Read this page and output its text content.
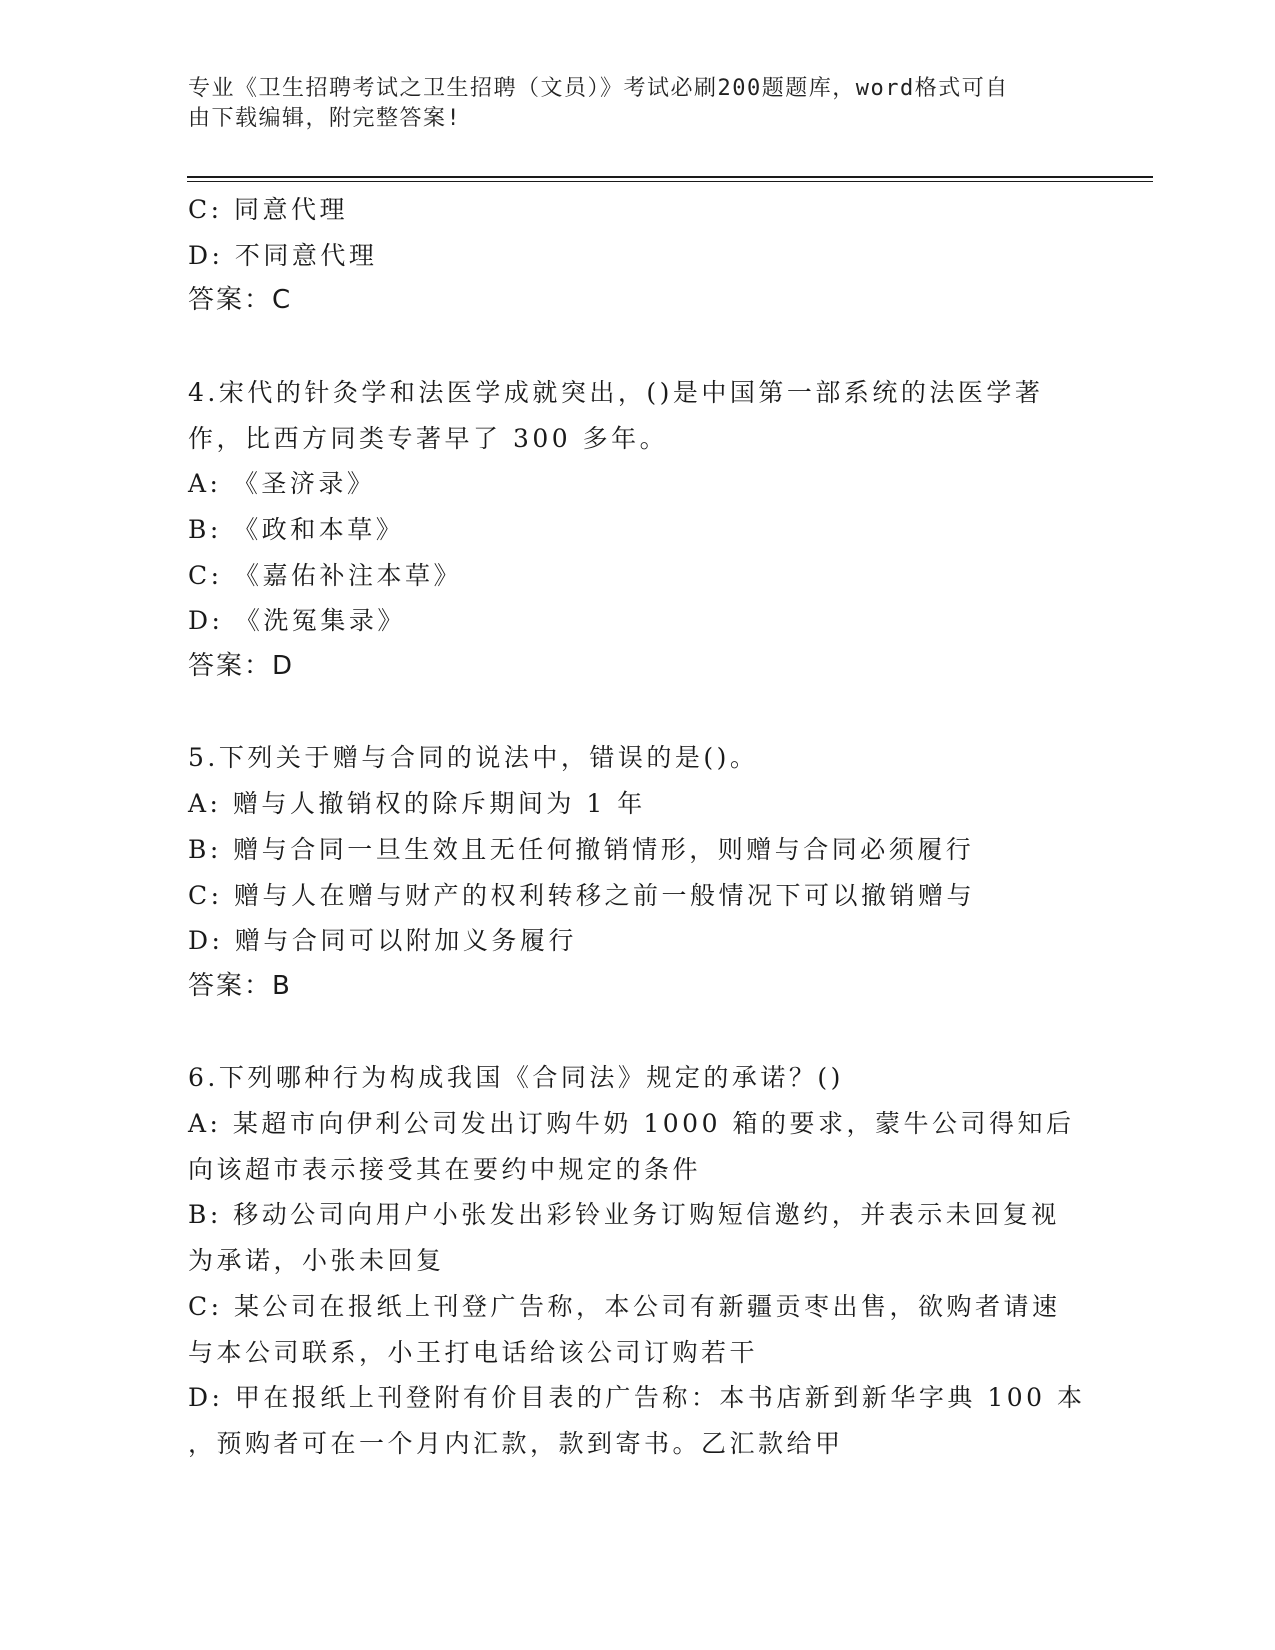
专业《卫生招聘考试之卫生招聘（文员）》考试必刷200题题库，word格式可自
由下载编辑，附完整答案!
C: 同意代理
D: 不同意代理
答案：C
4.宋代的针灸学和法医学成就突出，()是中国第一部系统的法医学著
作，比西方同类专著早了 300 多年。
A: 《圣济录》
B: 《政和本草》
C: 《嘉佑补注本草》
D: 《洗冤集录》
答案：D
5.下列关于赠与合同的说法中，错误的是()。
A: 赠与人撤销权的除斥期间为 1 年
B: 赠与合同一旦生效且无任何撤销情形，则赠与合同必须履行
C: 赠与人在赠与财产的权利转移之前一般情况下可以撤销赠与
D: 赠与合同可以附加义务履行
答案：B
6.下列哪种行为构成我国《合同法》规定的承诺？()
A: 某超市向伊利公司发出订购牛奶 1000 箱的要求，蒙牛公司得知后
向该超市表示接受其在要约中规定的条件
B: 移动公司向用户小张发出彩铃业务订购短信邀约，并表示未回复视
为承诺，小张未回复
C: 某公司在报纸上刊登广告称，本公司有新疆贡枣出售，欲购者请速
与本公司联系，小王打电话给该公司订购若干
D: 甲在报纸上刊登附有价目表的广告称：本书店新到新华字典 100 本
，预购者可在一个月内汇款，款到寄书。乙汇款给甲
